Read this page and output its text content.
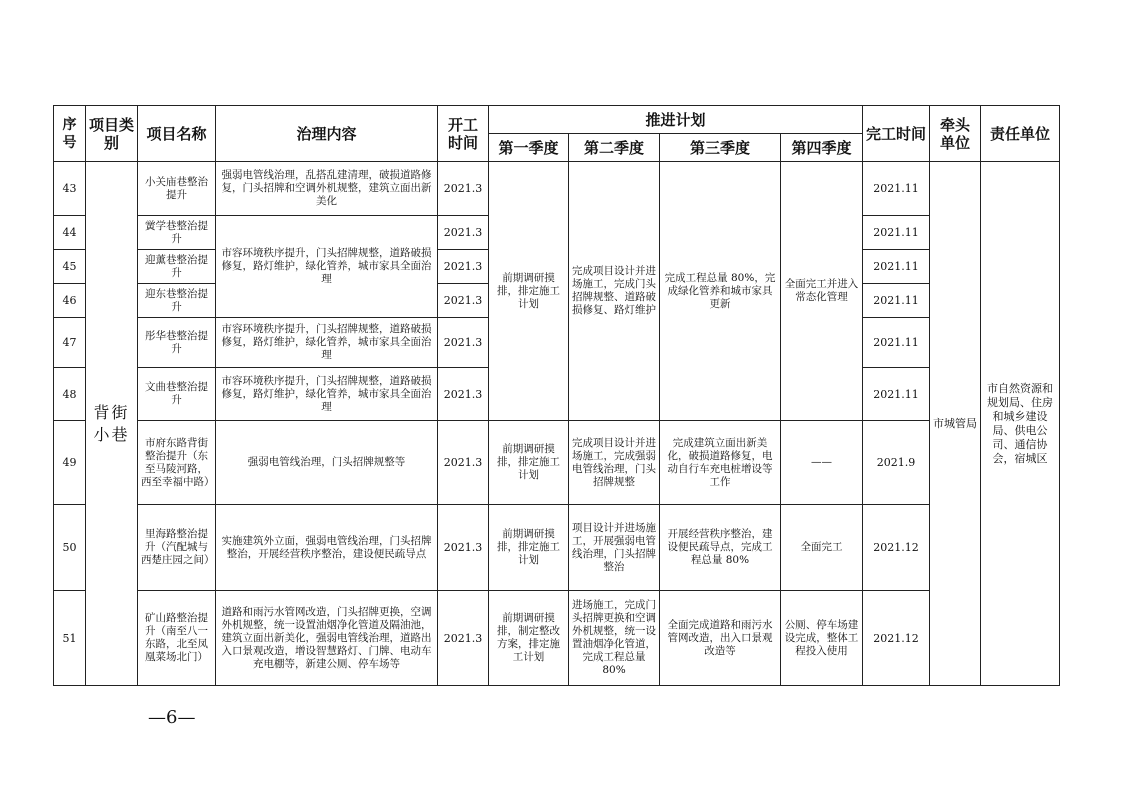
序号	项目类别	项目名称	治理内容	开工时间	推进计划				完工时间	牵头单位	责任单位
					第一季度	第二季度	第三季度	第四季度			
43	背街小巷	小关庙巷整治提升	强弱电管线治理，乱搭乱建清理，破损道路修复，门头招牌和空调外机规整，建筑立面出新美化	2021.3	前期调研摸排，排定施工计划	完成项目设计并进场施工，完成门头招牌规整、道路破损修复、路灯维护	完成工程总量 80%，完成绿化管养和城市家具更新	全面完工并进入常态化管理	2021.11	市城管局	市自然资源和规划局、住房和城乡建设局、供电公司、通信协会，宿城区
44		黉学巷整治提升	市容环境秩序提升，门头招牌规整，道路破损修复，路灯维护，绿化管养，城市家具全面治理	2021.3					2021.11		
45		迎薰巷整治提升		2021.3					2021.11		
46		迎东巷整治提升		2021.3					2021.11		
47		彤华巷整治提升	市容环境秩序提升，门头招牌规整，道路破损修复，路灯维护，绿化管养，城市家具全面治理	2021.3					2021.11		
48		文曲巷整治提升	市容环境秩序提升，门头招牌规整，道路破损修复，路灯维护，绿化管养，城市家具全面治理	2021.3					2021.11		
49		市府东路背街整治提升（东至马陵河路，西至幸福中路）	强弱电管线治理，门头招牌规整等	2021.3	前期调研摸排，排定施工计划	完成项目设计并进场施工，完成强弱电管线治理，门头招牌规整	完成建筑立面出新美化，破损道路修复，电动自行车充电桩增设等工作	——	2021.9		
50		里海路整治提升（汽配城与西楚庄园之间）	实施建筑外立面，强弱电管线治理，门头招牌整治，开展经营秩序整治，建设便民疏导点	2021.3	前期调研摸排，排定施工计划	项目设计并进场施工，开展强弱电管线治理，门头招牌整治	开展经营秩序整治，建设便民疏导点，完成工程总量 80%	全面完工	2021.12		
51		矿山路整治提升（南至八一东路，北至凤凰菜场北门）	道路和雨污水管网改造，门头招牌更换，空调外机规整，统一设置油烟净化管道及隔油池，建筑立面出新美化，强弱电管线治理，道路出入口景观改造，增设智慧路灯、门牌、电动车充电棚等，新建公厕、停车场等	2021.3	前期调研摸排，制定整改方案，排定施工计划	进场施工，完成门头招牌更换和空调外机规整，统一设置油烟净化管道，完成工程总量 80%	全面完成道路和雨污水管网改造，出入口景观改造等	公厕、停车场建设完成，整体工程投入使用	2021.12		
—6—
